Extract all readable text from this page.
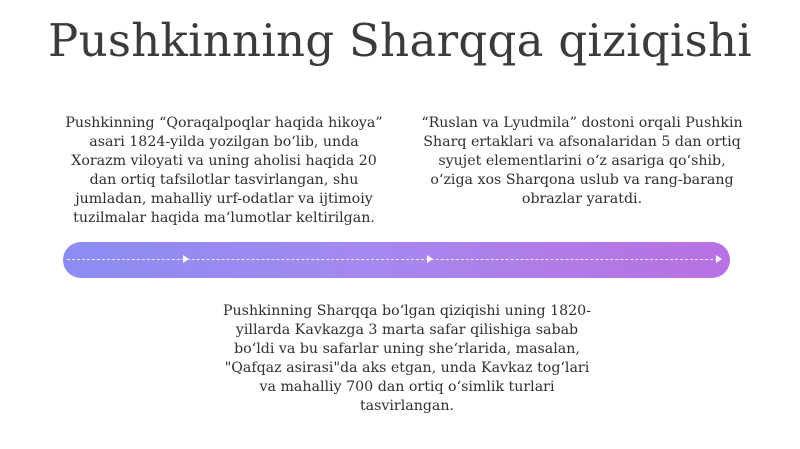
Pushkinning Sharqqa qiziqishi
Pushkinning “Qoraqalpoqlar haqida hikoya” asari 1824-yilda yozilgan boʻlib, unda Xorazm viloyati va uning aholisi haqida 20 dan ortiq tafsilotlar tasvirlangan, shu jumladan, mahalliy urf-odatlar va ijtimoiy tuzilmalar haqida maʻlumotlar keltirilgan.
“Ruslan va Lyudmila” dostoni orqali Pushkin Sharq ertaklari va afsonalaridan 5 dan ortiq syujet elementlarini oʻz asariga qoʻshib, oʻziga xos Sharqona uslub va rang-barang obrazlar yaratdi.
Pushkinning Sharqqa boʻlgan qiziqishi uning 1820-yillarda Kavkazga 3 marta safar qilishiga sabab boʻldi va bu safarlar uning sheʻrlarida, masalan, "Qafqaz asirasi"da aks etgan, unda Kavkaz togʻlari va mahalliy 700 dan ortiq oʻsimlik turlari tasvirlangan.
